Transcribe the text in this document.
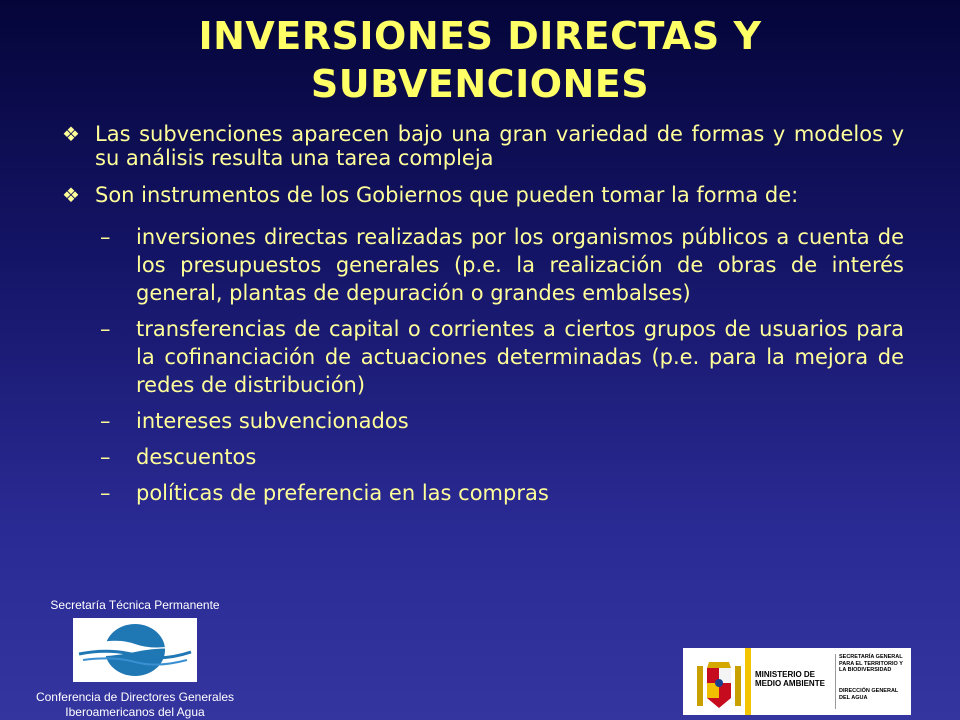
INVERSIONES DIRECTAS Y
SUBVENCIONES
❖ Las subvenciones aparecen bajo una gran variedad de formas y modelos y su análisis resulta una tarea compleja
❖ Son instrumentos de los Gobiernos que pueden tomar la forma de:
– inversiones directas realizadas por los organismos públicos a cuenta de los presupuestos generales (p.e. la realización de obras de interés general, plantas de depuración o grandes embalses)
– transferencias de capital o corrientes a ciertos grupos de usuarios para la cofinanciación de actuaciones determinadas (p.e. para la mejora de redes de distribución)
– intereses subvencionados
– descuentos
– políticas de preferencia en las compras
Secretaría Técnica Permanente
Conferencia de Directores Generales
Iberoamericanos del Agua
MINISTERIO DE MEDIO AMBIENTE
SECRETARÍA GENERAL PARA EL TERRITORIO Y LA BIODIVERSIDAD
DIRECCIÓN GENERAL DEL AGUA
